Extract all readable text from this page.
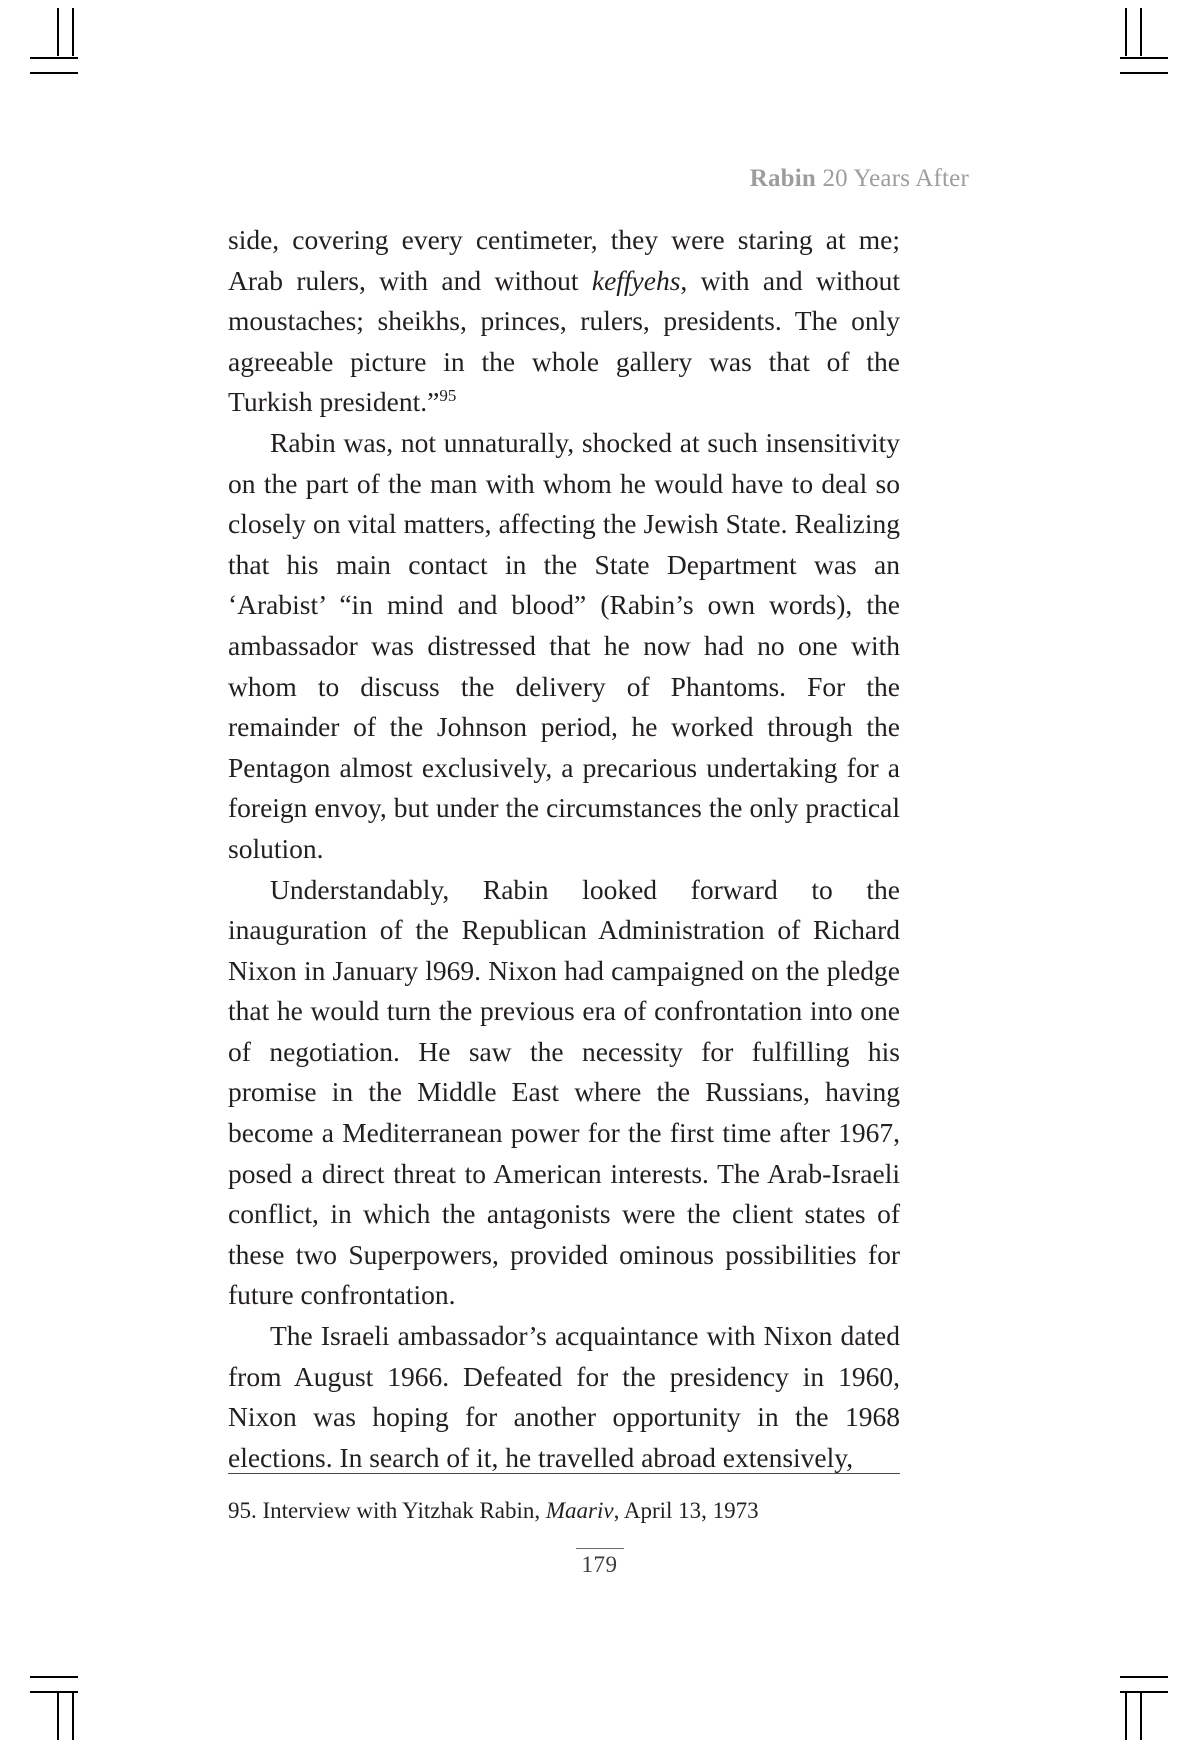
Rabin 20 Years After

side, covering every centimeter, they were staring at me; Arab rulers, with and without keffyehs, with and without moustaches; sheikhs, princes, rulers, presidents. The only agreeable picture in the whole gallery was that of the Turkish president.”$^{95}$

Rabin was, not unnaturally, shocked at such insensitivity on the part of the man with whom he would have to deal so closely on vital matters, affecting the Jewish State. Realizing that his main contact in the State Department was an ‘Arabist’ “in mind and blood” (Rabin’s own words), the ambassador was distressed that he now had no one with whom to discuss the delivery of Phantoms. For the remainder of the Johnson period, he worked through the Pentagon almost exclusively, a precarious undertaking for a foreign envoy, but under the circumstances the only practical solution.

Understandably, Rabin looked forward to the inauguration of the Republican Administration of Richard Nixon in January l969. Nixon had campaigned on the pledge that he would turn the previous era of confrontation into one of negotiation. He saw the necessity for fulfilling his promise in the Middle East where the Russians, having become a Mediterranean power for the first time after 1967, posed a direct threat to American interests. The Arab-Israeli conflict, in which the antagonists were the client states of these two Superpowers, provided ominous possibilities for future confrontation.

The Israeli ambassador’s acquaintance with Nixon dated from August 1966. Defeated for the presidency in 1960, Nixon was hoping for another opportunity in the 1968 elections. In search of it, he travelled abroad extensively,

95. Interview with Yitzhak Rabin, Maariv, April 13, 1973
179
